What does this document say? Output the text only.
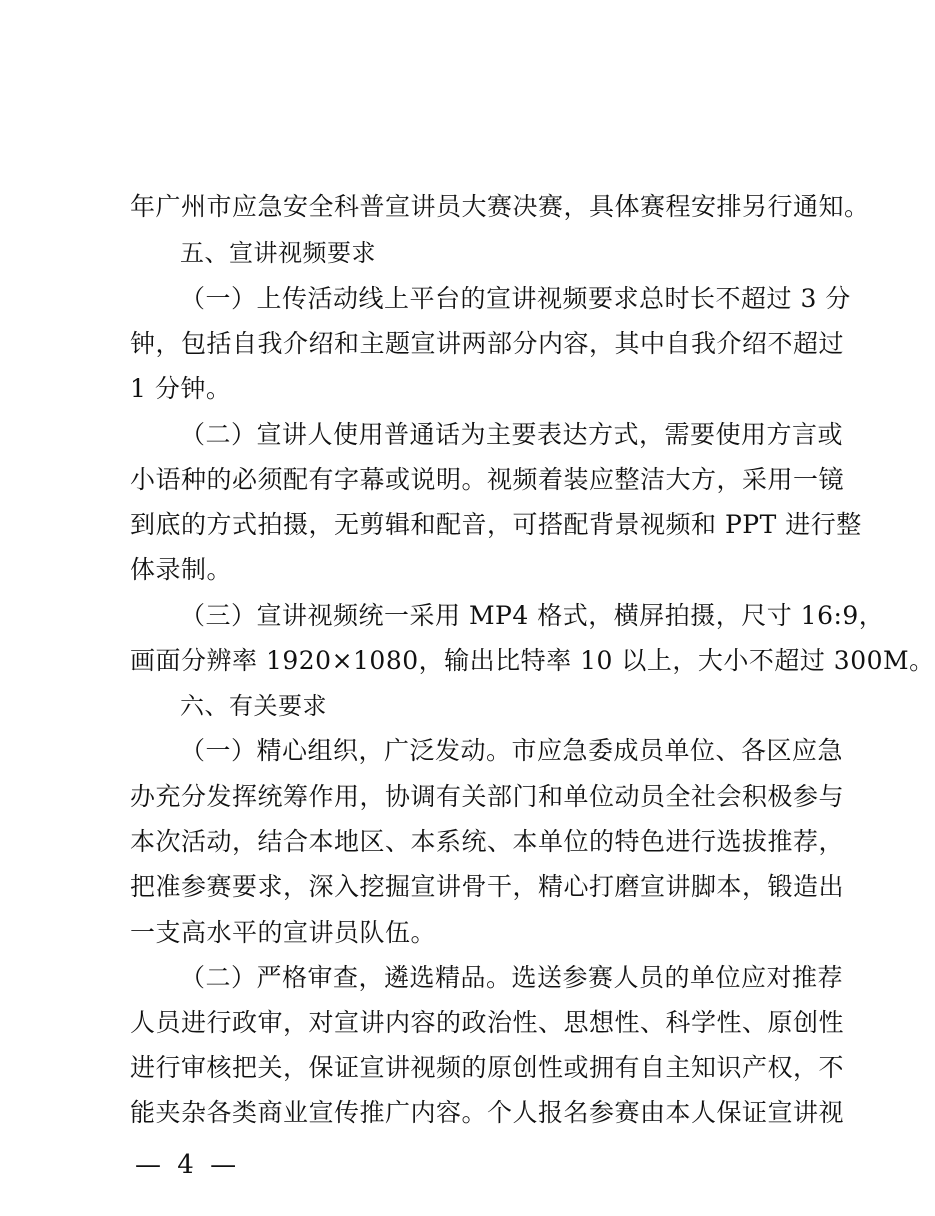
年广州市应急安全科普宣讲员大赛决赛，具体赛程安排另行通知。
五、宣讲视频要求
（一）上传活动线上平台的宣讲视频要求总时长不超过 3 分
钟，包括自我介绍和主题宣讲两部分内容，其中自我介绍不超过
1 分钟。
（二）宣讲人使用普通话为主要表达方式，需要使用方言或
小语种的必须配有字幕或说明。视频着装应整洁大方，采用一镜
到底的方式拍摄，无剪辑和配音，可搭配背景视频和 PPT 进行整
体录制。
（三）宣讲视频统一采用 MP4 格式，横屏拍摄，尺寸 16:9，
画面分辨率 1920×1080，输出比特率 10 以上，大小不超过 300M。
六、有关要求
（一）精心组织，广泛发动。市应急委成员单位、各区应急
办充分发挥统筹作用，协调有关部门和单位动员全社会积极参与
本次活动，结合本地区、本系统、本单位的特色进行选拔推荐，
把准参赛要求，深入挖掘宣讲骨干，精心打磨宣讲脚本，锻造出
一支高水平的宣讲员队伍。
（二）严格审查，遴选精品。选送参赛人员的单位应对推荐
人员进行政审，对宣讲内容的政治性、思想性、科学性、原创性
进行审核把关，保证宣讲视频的原创性或拥有自主知识产权，不
能夹杂各类商业宣传推广内容。个人报名参赛由本人保证宣讲视
— 4 —
